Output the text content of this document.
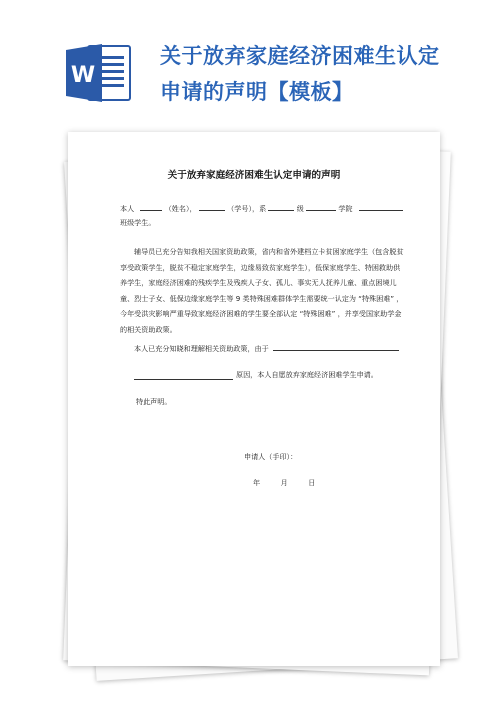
W
关于放弃家庭经济困难生认定
申请的声明【模板】
关于放弃家庭经济困难生认定申请的声明
本人	（姓名），	（学号），系	级	学院
班级学生。
辅导员已充分告知我相关国家资助政策，省内和省外建档立卡贫困家庭学生（包含脱贫享受政策学生，脱贫不稳定家庭学生，边缘易致贫家庭学生），低保家庭学生、特困救助供养学生，家庭经济困难的残疾学生及残疾人子女、孤儿、事实无人抚养儿童、重点困境儿童、烈士子女、低保边缘家庭学生等 9 类特殊困难群体学生需要统一认定为 “特殊困难” ，今年受洪灾影响严重导致家庭经济困难的学生要全部认定 “特殊困难” ，并享受国家助学金的相关资助政策。
本人已充分知晓和理解相关资助政策，由于
原因，本人自愿放弃家庭经济困难学生申请。
特此声明。
申请人（手印）：
年	月	日
